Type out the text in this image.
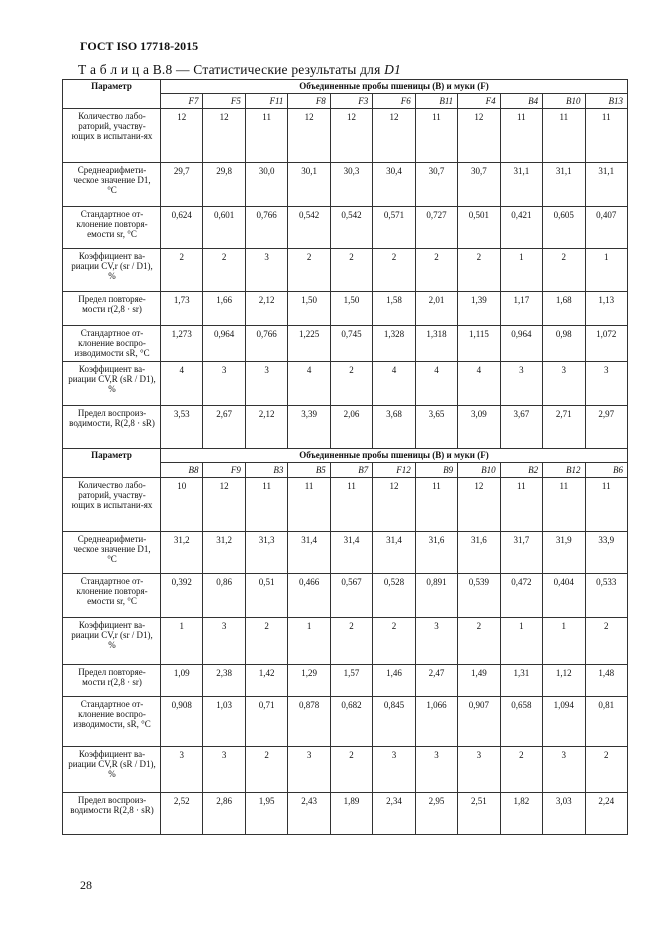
ГОСТ ISO 17718-2015
Т а б л и ц а В.8 — Статистические результаты для D1
Параметр	Объединенные пробы пшеницы (В) и муки (F)										
	F7	F5	F11	F8	F3	F6	B11	F4	B4	B10	B13
Количество лабо-раторий, участву-ющих в испытани-ях	12	12	11	12	12	12	11	12	11	11	11
Среднеарифмети-ческое значение D1, °С	29,7	29,8	30,0	30,1	30,3	30,4	30,7	30,7	31,1	31,1	31,1
Стандартное от-клонение повторя-емости sr, °С	0,624	0,601	0,766	0,542	0,542	0,571	0,727	0,501	0,421	0,605	0,407
Коэффициент ва-риации CV,r (sr / D1), %	2	2	3	2	2	2	2	2	1	2	1
Предел повторяе-мости r(2,8 · sr)	1,73	1,66	2,12	1,50	1,50	1,58	2,01	1,39	1,17	1,68	1,13
Стандартное от-клонение воспро-изводимости sR, °С	1,273	0,964	0,766	1,225	0,745	1,328	1,318	1,115	0,964	0,98	1,072
Коэффициент ва-риации CV,R (sR / D1), %	4	3	3	4	2	4	4	4	3	3	3
Предел воспроиз-водимости, R(2,8 · sR)	3,53	2,67	2,12	3,39	2,06	3,68	3,65	3,09	3,67	2,71	2,97
Параметр	Объединенные пробы пшеницы (В) и муки (F)										
	B8	F9	B3	B5	B7	F12	B9	B10	B2	B12	B6
Количество лабо-раторий, участву-ющих в испытани-ях	10	12	11	11	11	12	11	12	11	11	11
Среднеарифмети-ческое значение D1, °С	31,2	31,2	31,3	31,4	31,4	31,4	31,6	31,6	31,7	31,9	33,9
Стандартное от-клонение повторя-емости sr, °С	0,392	0,86	0,51	0,466	0,567	0,528	0,891	0,539	0,472	0,404	0,533
Коэффициент ва-риации CV,r (sr / D1), %	1	3	2	1	2	2	3	2	1	1	2
Предел повторяе-мости r(2,8 · sr)	1,09	2,38	1,42	1,29	1,57	1,46	2,47	1,49	1,31	1,12	1,48
Стандартное от-клонение воспро-изводимости, sR, °С	0,908	1,03	0,71	0,878	0,682	0,845	1,066	0,907	0,658	1,094	0,81
Коэффициент ва-риации CV,R (sR / D1), %	3	3	2	3	2	3	3	3	2	3	2
Предел воспроиз-водимости R(2,8 · sR)	2,52	2,86	1,95	2,43	1,89	2,34	2,95	2,51	1,82	3,03	2,24
28
